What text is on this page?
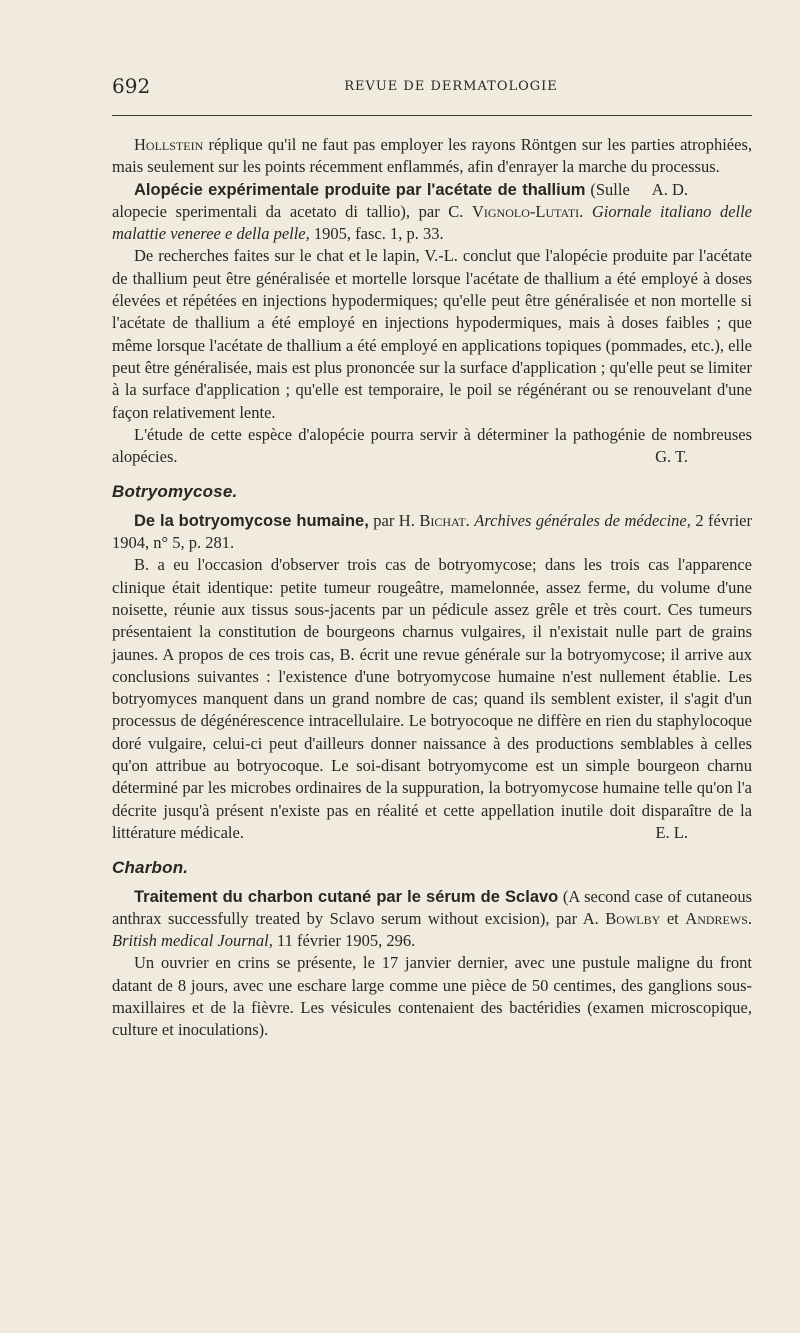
692	REVUE DE DERMATOLOGIE

Hollstein réplique qu'il ne faut pas employer les rayons Röntgen sur les parties atrophiées, mais seulement sur les points récemment enflammés, afin d'enrayer la marche du processus.
A. D.

Alopécie expérimentale produite par l'acétate de thallium (Sulle alopecie sperimentali da acetato di tallio), par C. Vignolo-Lutati. Giornale italiano delle malattie veneree e della pelle, 1905, fasc. 1, p. 33.

De recherches faites sur le chat et le lapin, V.-L. conclut que l'alopécie produite par l'acétate de thallium peut être généralisée et mortelle lorsque l'acétate de thallium a été employé à doses élevées et répétées en injections hypodermiques; qu'elle peut être généralisée et non mortelle si l'acétate de thallium a été employé en injections hypodermiques, mais à doses faibles ; que même lorsque l'acétate de thallium a été employé en applications topiques (pommades, etc.), elle peut être généralisée, mais est plus prononcée sur la surface d'application ; qu'elle peut se limiter à la surface d'application ; qu'elle est temporaire, le poil se régénérant ou se renouvelant d'une façon relativement lente.

L'étude de cette espèce d'alopécie pourra servir à déterminer la pathogénie de nombreuses alopécies.	G. T.

Botryomycose.

De la botryomycose humaine, par H. Bichat. Archives générales de médecine, 2 février 1904, n° 5, p. 281.

B. a eu l'occasion d'observer trois cas de botryomycose; dans les trois cas l'apparence clinique était identique: petite tumeur rougeâtre, mamelonnée, assez ferme, du volume d'une noisette, réunie aux tissus sous-jacents par un pédicule assez grêle et très court. Ces tumeurs présentaient la constitution de bourgeons charnus vulgaires, il n'existait nulle part de grains jaunes. A propos de ces trois cas, B. écrit une revue générale sur la botryomycose; il arrive aux conclusions suivantes : l'existence d'une botryomycose humaine n'est nullement établie. Les botryomyces manquent dans un grand nombre de cas; quand ils semblent exister, il s'agit d'un processus de dégénérescence intracellulaire. Le botryocoque ne diffère en rien du staphylocoque doré vulgaire, celui-ci peut d'ailleurs donner naissance à des productions semblables à celles qu'on attribue au botryocoque. Le soi-disant botryomycome est un simple bourgeon charnu déterminé par les microbes ordinaires de la suppuration, la botryomycose humaine telle qu'on l'a décrite jusqu'à présent n'existe pas en réalité et cette appellation inutile doit disparaître de la littérature médicale.	E. L.

Charbon.

Traitement du charbon cutané par le sérum de Sclavo (A second case of cutaneous anthrax successfully treated by Sclavo serum without excision), par A. Bowlby et Andrews. British medical Journal, 11 février 1905, 296.

Un ouvrier en crins se présente, le 17 janvier dernier, avec une pustule maligne du front datant de 8 jours, avec une eschare large comme une pièce de 50 centimes, des ganglions sous-maxillaires et de la fièvre. Les vésicules contenaient des bactéridies (examen microscopique, culture et inoculations).
